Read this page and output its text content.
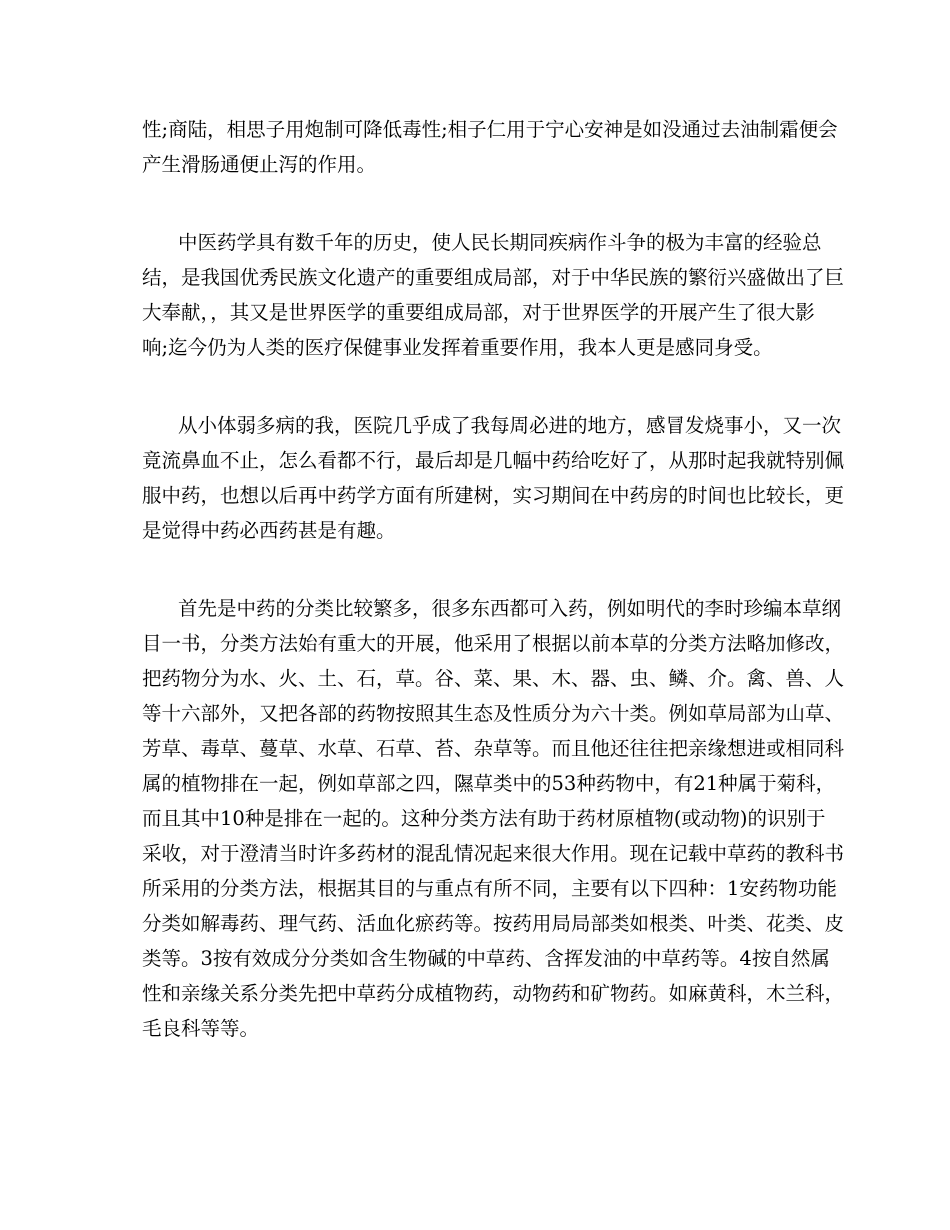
性;商陆，相思子用炮制可降低毒性;相子仁用于宁心安神是如没通过去油制霜便会
产生滑肠通便止泻的作用。
中医药学具有数千年的历史，使人民长期同疾病作斗争的极为丰富的经验总
结，是我国优秀民族文化遗产的重要组成局部，对于中华民族的繁衍兴盛做出了巨
大奉献，，其又是世界医学的重要组成局部，对于世界医学的开展产生了很大影
响;迄今仍为人类的医疗保健事业发挥着重要作用，我本人更是感同身受。
从小体弱多病的我，医院几乎成了我每周必进的地方，感冒发烧事小，又一次
竟流鼻血不止，怎么看都不行，最后却是几幅中药给吃好了，从那时起我就特别佩
服中药，也想以后再中药学方面有所建树，实习期间在中药房的时间也比较长，更
是觉得中药必西药甚是有趣。
首先是中药的分类比较繁多，很多东西都可入药，例如明代的李时珍编本草纲
目一书，分类方法始有重大的开展，他采用了根据以前本草的分类方法略加修改，
把药物分为水、火、土、石，草。谷、菜、果、木、器、虫、鳞、介。禽、兽、人
等十六部外，又把各部的药物按照其生态及性质分为六十类。例如草局部为山草、
芳草、毒草、蔓草、水草、石草、苔、杂草等。而且他还往往把亲缘想进或相同科
属的植物排在一起，例如草部之四，隰草类中的53种药物中，有21种属于菊科，
而且其中10种是排在一起的。这种分类方法有助于药材原植物(或动物)的识别于
采收，对于澄清当时许多药材的混乱情况起来很大作用。现在记载中草药的教科书
所采用的分类方法，根据其目的与重点有所不同，主要有以下四种：1安药物功能
分类如解毒药、理气药、活血化瘀药等。按药用局局部类如根类、叶类、花类、皮
类等。3按有效成分分类如含生物碱的中草药、含挥发油的中草药等。4按自然属
性和亲缘关系分类先把中草药分成植物药，动物药和矿物药。如麻黄科，木兰科，
毛良科等等。
